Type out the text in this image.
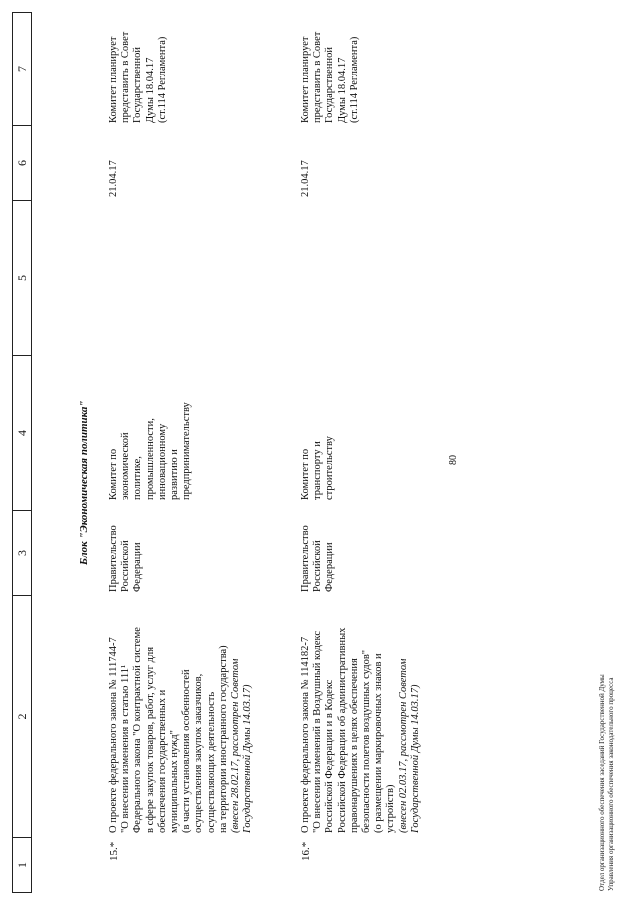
80
1
2
3
4
5
6
7
Блок "Экономическая политика"
15.*
О проекте федерального закона № 111744-7 "О внесении изменения в статью 111¹ Федерального закона "О контрактной системе в сфере закупок товаров, работ, услуг для обеспечения государственных и муниципальных нужд" (в части установления особенностей осуществления закупок заказчиков, осуществляющих деятельность на территории иностранного государства) (внесен 28.02.17, рассмотрен Советом Государственной Думы 14.03.17)
Правительство Российской Федерации
Комитет по экономической политике, промышленности, инновационному развитию и предпринимательству
21.04.17
Комитет планирует представить в Совет Государственной Думы 18.04.17 (ст.114 Регламента)
16.*
О проекте федерального закона № 114182-7 "О внесении изменений в Воздушный кодекс Российской Федерации и в Кодекс Российской Федерации об административных правонарушениях в целях обеспечения безопасности полетов воздушных судов" (о размещении маркировочных знаков и устройств) (внесен 02.03.17, рассмотрен Советом Государственной Думы 14.03.17)
Правительство Российской Федерации
Комитет по транспорту и строительству
21.04.17
Комитет планирует представить в Совет Государственной Думы 18.04.17 (ст.114 Регламента)
Отдел организационного обеспечения заседаний Государственной Думы Управления организационного обеспечения законодательного процесса
